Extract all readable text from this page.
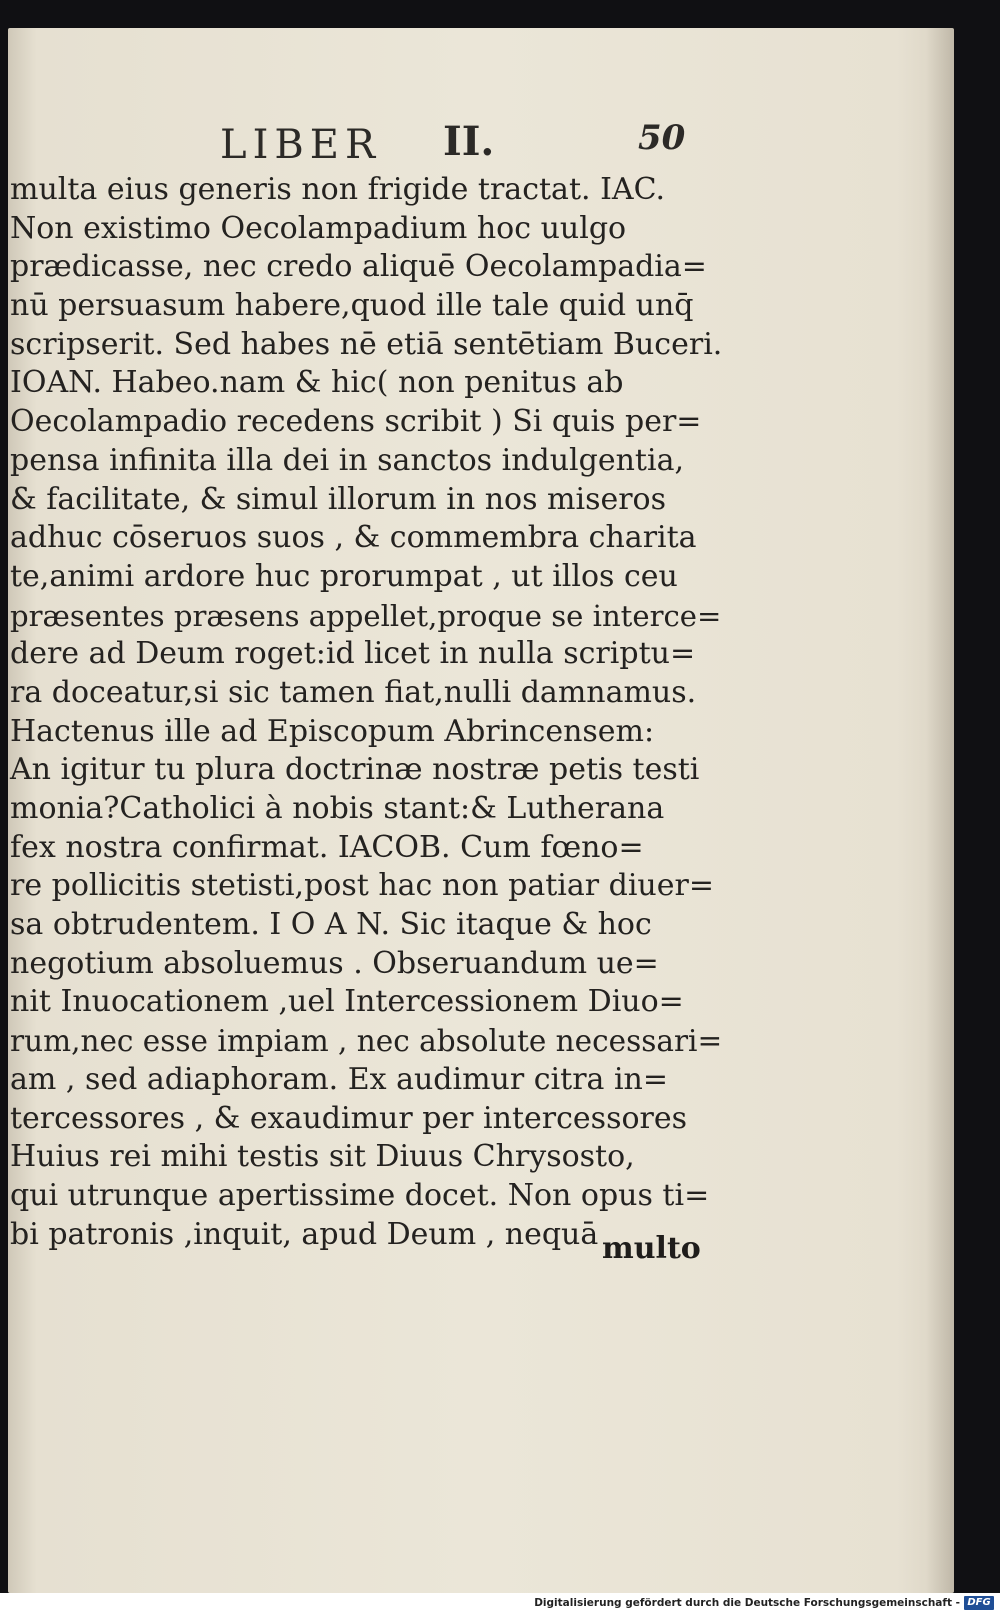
LIBER II.	50
multa eius generis non frigide tractat. IAC.
Non existimo Oecolampadium hoc uulgo
prædicasse, nec credo aliquē Oecolampadia=
nū persuasum habere,quod ille tale quid unq̄
scripserit. Sed habes nē etiā sentētiam Buceri.
IOAN. Habeo.nam & hic( non penitus ab
Oecolampadio recedens scribit ) Si quis per=
pensa infinita illa dei in sanctos indulgentia,
& facilitate, & simul illorum in nos miseros
adhuc cōseruos suos , & commembra charita
te,animi ardore huc prorumpat , ut illos ceu
præsentes præsens appellet,proque se interce=
dere ad Deum roget:id licet in nulla scriptu=
ra doceatur,si sic tamen fiat,nulli damnamus.
Hactenus ille ad Episcopum Abrincensem:
An igitur tu plura doctrinæ nostræ petis testi
monia?Catholici à nobis stant:& Lutherana
fex nostra confirmat. IACOB. Cum fœno=
re pollicitis stetisti,post hac non patiar diuer=
sa obtrudentem. I O A N. Sic itaque & hoc
negotium absoluemus . Obseruandum ue=
nit Inuocationem ,uel Intercessionem Diuo=
rum,nec esse impiam , nec absolute necessari=
am , sed adiaphoram. Ex audimur citra in=
tercessores , & exaudimur per intercessores
Huius rei mihi testis sit Diuus Chrysosto,
qui utrunque apertissime docet. Non opus ti=
bi patronis ,inquit, apud Deum , nequā multo
Digitalisierung gefördert durch die Deutsche Forschungsgemeinschaft - DFG
